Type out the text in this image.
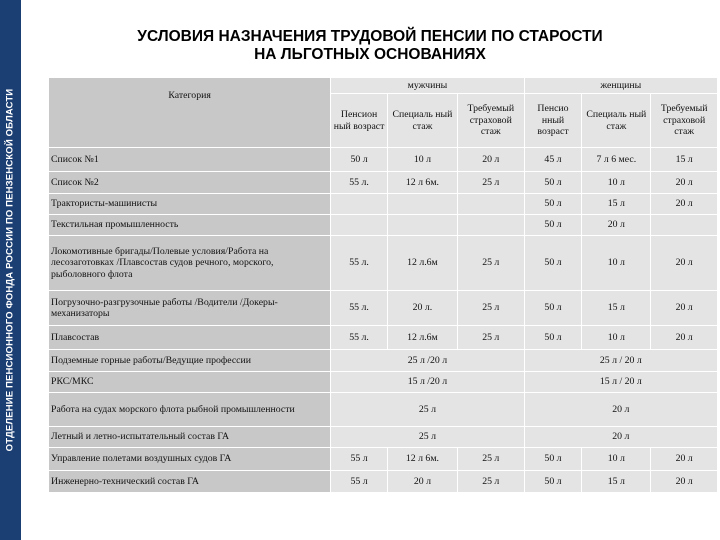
ОТДЕЛЕНИЕ ПЕНСИОННОГО ФОНДА РОССИИ ПО ПЕНЗЕНСКОЙ ОБЛАСТИ
УСЛОВИЯ НАЗНАЧЕНИЯ ТРУДОВОЙ ПЕНСИИ ПО СТАРОСТИ
НА ЛЬГОТНЫХ ОСНОВАНИЯХ
Категория	мужчины			женщины		
	Пенсион ный возраст	Специаль ный стаж	Требуемый страховой стаж	Пенсио нный возраст	Специаль ный стаж	Требуемый страховой стаж
Список №1	50 л	10 л	20 л	45 л	7 л 6 мес.	15 л
Список №2	55 л.	12 л 6м.	25 л	50 л	10 л	20 л
Трактористы-машинисты				50 л	15 л	20 л
Текстильная промышленность				50 л	20 л	
Локомотивные бригады/Полевые условия/Работа на лесозаготовках /Плавсостав судов речного, морского, рыболовного флота	55 л.	12 л.6м	25 л	50 л	10 л	20 л
Погрузочно-разгрузочные работы /Водители /Докеры-механизаторы	55 л.	20 л.	25 л	50 л	15 л	20 л
Плавсостав	55 л.	12 л.6м	25 л	50 л	10 л	20 л
Подземные горные работы/Ведущие профессии	25 л /20 л			25 л / 20 л		
РКС/МКС	15 л /20 л			15 л / 20 л		
Работа на судах морского флота рыбной промышленности	25 л			20 л		
Летный и летно-испытательный состав ГА	25 л			20 л		
Управление полетами воздушных судов ГА	55 л	12 л 6м.	25 л	50 л	10 л	20 л
Инженерно-технический состав ГА	55 л	20 л	25 л	50 л	15 л	20 л
